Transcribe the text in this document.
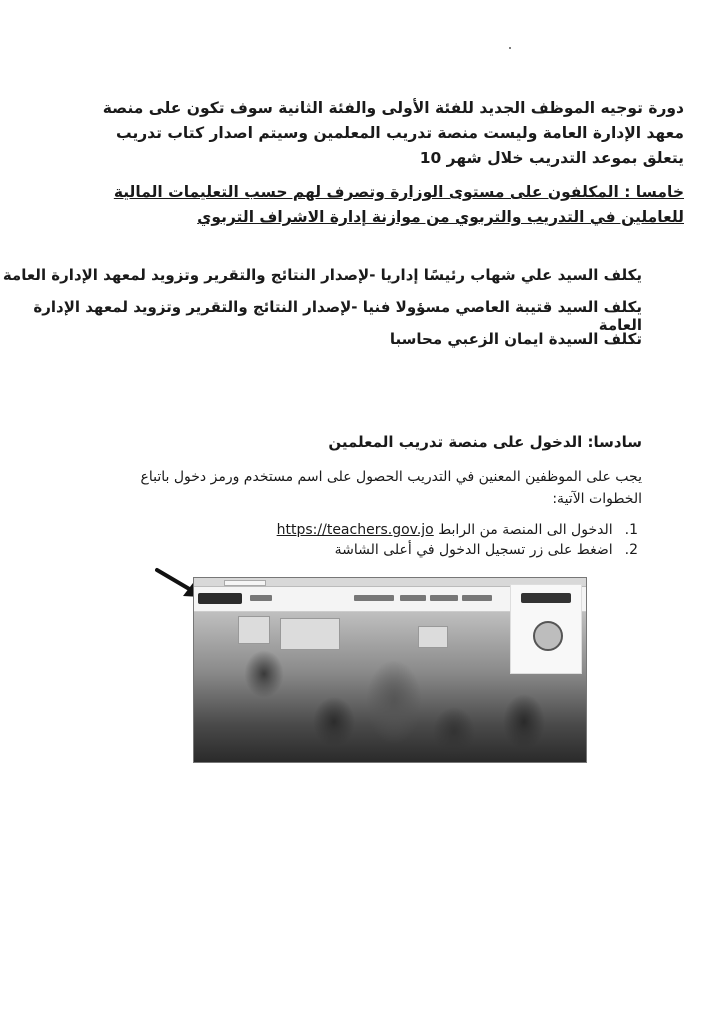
دورة توجيه الموظف الجديد للفئة الأولى والفئة الثانية سوف تكون على منصة معهد الإدارة العامة وليست منصة تدريب المعلمين وسيتم اصدار كتاب تدريب يتعلق بموعد التدريب خلال شهر 10
خامسا : المكلفون على مستوى الوزارة وتصرف لهم حسب التعليمات المالية للعاملين في التدريب والتربوي من موازنة إدارة الاشراف التربوي
يكلف السيد علي شهاب رئيسًا إداريا -لإصدار النتائج والتقرير وتزويد لمعهد الإدارة العامة
يكلف السيد قتيبة العاصي مسؤولا فنيا -لإصدار النتائج والتقرير وتزويد لمعهد الإدارة العامة
تكلف السيدة ايمان الزعبي محاسبا
سادسا: الدخول على منصة تدريب المعلمين
يجب على الموظفين المعنين في التدريب الحصول على اسم مستخدم ورمز دخول باتباع الخطوات الآتية:
1.الدخول الى المنصة من الرابط https://teachers.gov.jo
2.اضغط على زر تسجيل الدخول في أعلى الشاشة
